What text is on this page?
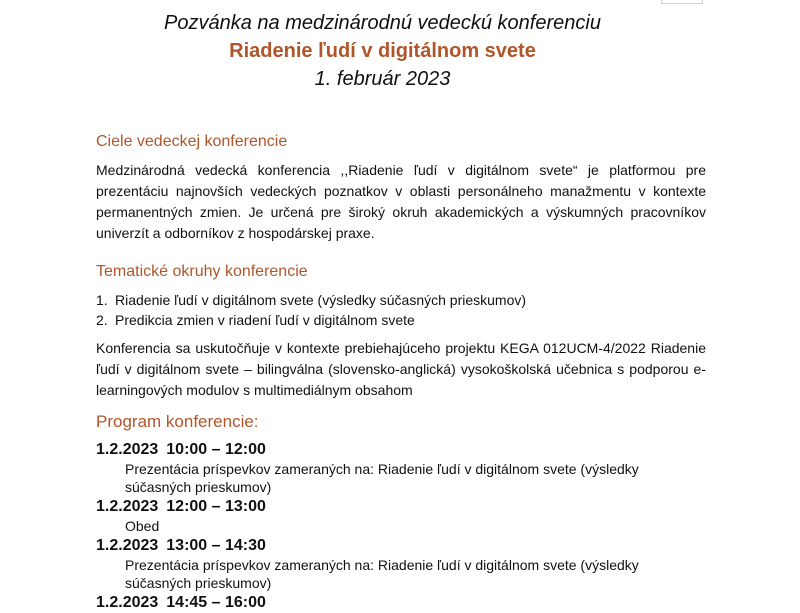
Pozvánka na medzinárodnú vedeckú konferenciu
Riadenie ľudí v digitálnom svete
1. február 2023
Ciele vedeckej konferencie
Medzinárodná vedecká konferencia ,,Riadenie ľudí v digitálnom svete“ je platformou pre prezentáciu najnovších vedeckých poznatkov v oblasti personálneho manažmentu v kontexte permanentných zmien. Je určená pre široký okruh akademických a výskumných pracovníkov univerzít a odborníkov z hospodárskej praxe.
Tematické okruhy konferencie
1. Riadenie ľudí v digitálnom svete (výsledky súčasných prieskumov)
2. Predikcia zmien v riadení ľudí v digitálnom svete
Konferencia sa uskutočňuje v kontexte prebiehajúceho projektu KEGA 012UCM-4/2022 Riadenie ľudí v digitálnom svete – bilingválna (slovensko-anglická) vysokoškolská učebnica s podporou e-learningových modulov s multimediálnym obsahom
Program konferencie:
1.2.2023 10:00 – 12:00
Prezentácia príspevkov zameraných na: Riadenie ľudí v digitálnom svete (výsledky súčasných prieskumov)
1.2.2023 12:00 – 13:00
Obed
1.2.2023 13:00 – 14:30
Prezentácia príspevkov zameraných na: Riadenie ľudí v digitálnom svete (výsledky súčasných prieskumov)
1.2.2023 14:45 – 16:00
